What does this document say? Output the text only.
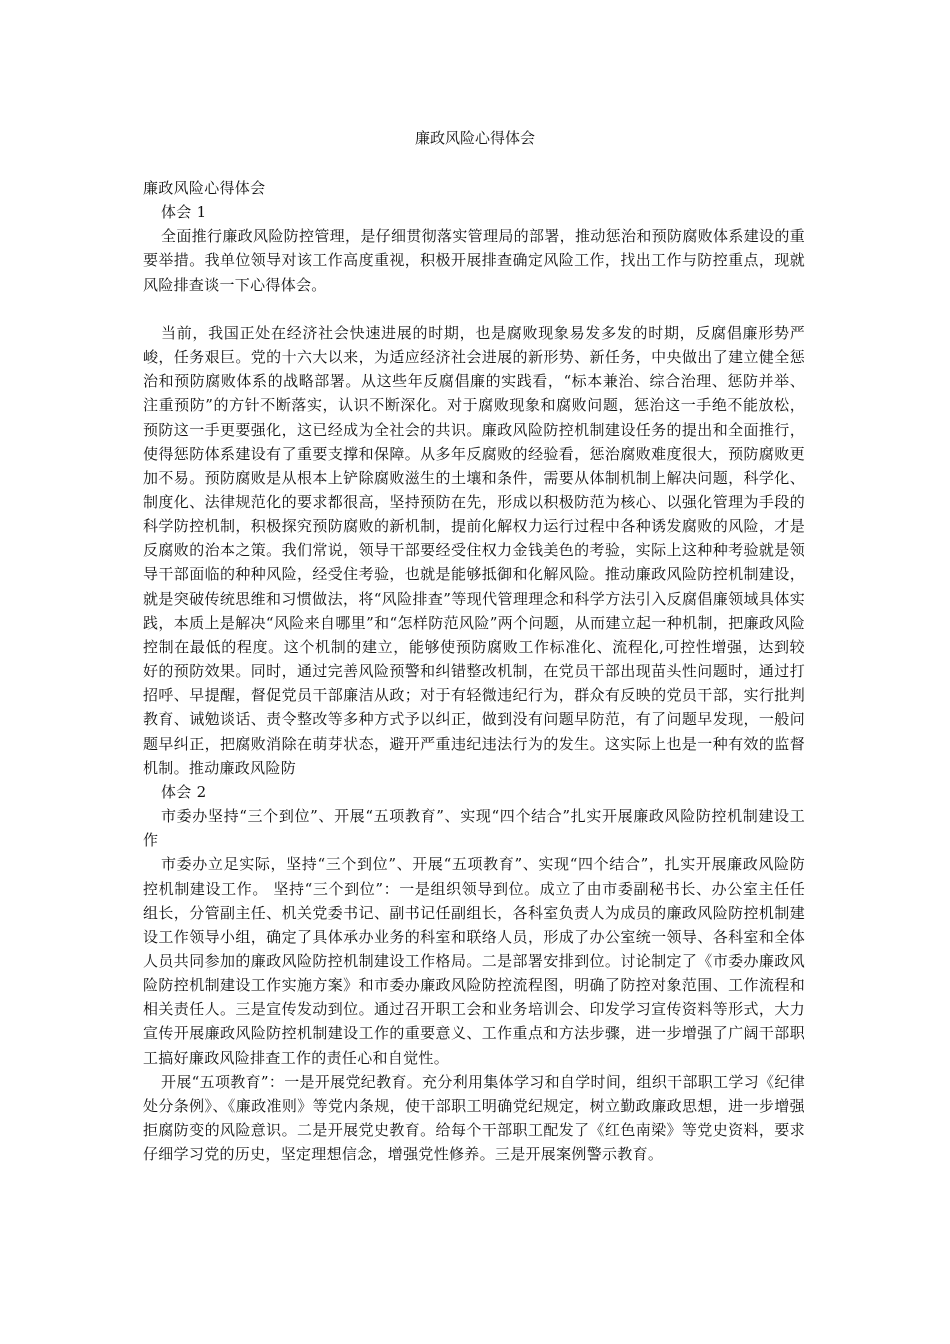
廉政风险心得体会

廉政风险心得体会

体会 1

全面推行廉政风险防控管理，是仔细贯彻落实管理局的部署，推动惩治和预防腐败体系建设的重要举措。我单位领导对该工作高度重视，积极开展排查确定风险工作，找出工作与防控重点，现就风险排查谈一下心得体会。

当前，我国正处在经济社会快速进展的时期，也是腐败现象易发多发的时期，反腐倡廉形势严峻，任务艰巨。党的十六大以来，为适应经济社会进展的新形势、新任务，中央做出了建立健全惩治和预防腐败体系的战略部署。从这些年反腐倡廉的实践看，“标本兼治、综合治理、惩防并举、注重预防”的方针不断落实，认识不断深化。对于腐败现象和腐败问题，惩治这一手绝不能放松，预防这一手更要强化，这已经成为全社会的共识。廉政风险防控机制建设任务的提出和全面推行，使得惩防体系建设有了重要支撑和保障。从多年反腐败的经验看，惩治腐败难度很大，预防腐败更加不易。预防腐败是从根本上铲除腐败滋生的土壤和条件，需要从体制机制上解决问题，科学化、制度化、法律规范化的要求都很高，坚持预防在先，形成以积极防范为核心、以强化管理为手段的科学防控机制，积极探究预防腐败的新机制，提前化解权力运行过程中各种诱发腐败的风险，才是反腐败的治本之策。我们常说，领导干部要经受住权力金钱美色的考验，实际上这种种考验就是领导干部面临的种种风险，经受住考验，也就是能够抵御和化解风险。推动廉政风险防控机制建设，就是突破传统思维和习惯做法，将“风险排查”等现代管理理念和科学方法引入反腐倡廉领域具体实践，本质上是解决“风险来自哪里”和“怎样防范风险”两个问题，从而建立起一种机制，把廉政风险控制在最低的程度。这个机制的建立，能够使预防腐败工作标准化、流程化,可控性增强，达到较好的预防效果。同时，通过完善风险预警和纠错整改机制，在党员干部出现苗头性问题时，通过打招呼、早提醒，督促党员干部廉洁从政；对于有轻微违纪行为，群众有反映的党员干部，实行批判教育、诫勉谈话、责令整改等多种方式予以纠正，做到没有问题早防范，有了问题早发现，一般问题早纠正，把腐败消除在萌芽状态，避开严重违纪违法行为的发生。这实际上也是一种有效的监督机制。推动廉政风险防

体会 2

市委办坚持“三个到位”、开展“五项教育”、实现“四个结合”扎实开展廉政风险防控机制建设工作

市委办立足实际，坚持“三个到位”、开展“五项教育”、实现“四个结合”，扎实开展廉政风险防控机制建设工作。 坚持“三个到位”：一是组织领导到位。成立了由市委副秘书长、办公室主任任组长，分管副主任、机关党委书记、副书记任副组长，各科室负责人为成员的廉政风险防控机制建设工作领导小组，确定了具体承办业务的科室和联络人员，形成了办公室统一领导、各科室和全体人员共同参加的廉政风险防控机制建设工作格局。二是部署安排到位。讨论制定了《市委办廉政风险防控机制建设工作实施方案》和市委办廉政风险防控流程图，明确了防控对象范围、工作流程和相关责任人。三是宣传发动到位。通过召开职工会和业务培训会、印发学习宣传资料等形式，大力宣传开展廉政风险防控机制建设工作的重要意义、工作重点和方法步骤，进一步增强了广阔干部职工搞好廉政风险排查工作的责任心和自觉性。

开展“五项教育”：一是开展党纪教育。充分利用集体学习和自学时间，组织干部职工学习《纪律处分条例》、《廉政准则》等党内条规，使干部职工明确党纪规定，树立勤政廉政思想，进一步增强拒腐防变的风险意识。二是开展党史教育。给每个干部职工配发了《红色南梁》等党史资料，要求仔细学习党的历史，坚定理想信念，增强党性修养。三是开展案例警示教育。
